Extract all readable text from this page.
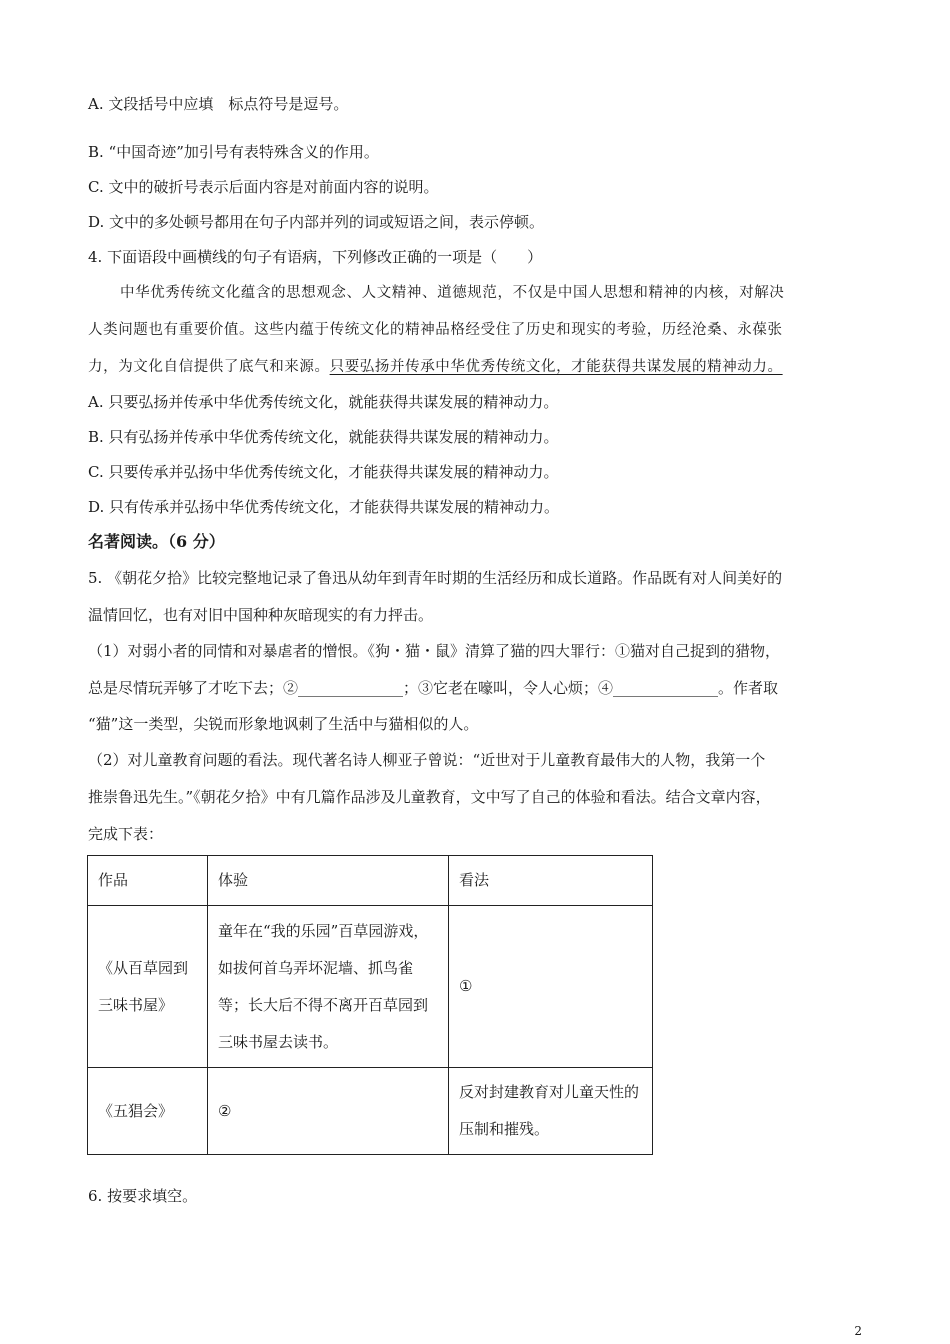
A. 文段括号中应填　标点符号是逗号。
B. “中国奇迹”加引号有表特殊含义的作用。
C. 文中的破折号表示后面内容是对前面内容的说明。
D. 文中的多处顿号都用在句子内部并列的词或短语之间，表示停顿。
4. 下面语段中画横线的句子有语病，下列修改正确的一项是（　　）
中华优秀传统文化蕴含的思想观念、人文精神、道德规范，不仅是中国人思想和精神的内核，对解决
人类问题也有重要价值。这些内蕴于传统文化的精神品格经受住了历史和现实的考验，历经沧桑、永葆张
力，为文化自信提供了底气和来源。只要弘扬并传承中华优秀传统文化，才能获得共谋发展的精神动力。
A. 只要弘扬并传承中华优秀传统文化，就能获得共谋发展的精神动力。
B. 只有弘扬并传承中华优秀传统文化，就能获得共谋发展的精神动力。
C. 只要传承并弘扬中华优秀传统文化，才能获得共谋发展的精神动力。
D. 只有传承并弘扬中华优秀传统文化，才能获得共谋发展的精神动力。
名著阅读。（6 分）
5. 《朝花夕拾》比较完整地记录了鲁迅从幼年到青年时期的生活经历和成长道路。作品既有对人间美好的
温情回忆，也有对旧中国种种灰暗现实的有力抨击。
（1）对弱小者的同情和对暴虐者的憎恨。《狗・猫・鼠》清算了猫的四大罪行：①猫对自己捉到的猎物，
总是尽情玩弄够了才吃下去；②______________；③它老在嚎叫，令人心烦；④______________。作者取
“猫”这一类型，尖锐而形象地讽刺了生活中与猫相似的人。
（2）对儿童教育问题的看法。现代著名诗人柳亚子曾说：“近世对于儿童教育最伟大的人物，我第一个
推崇鲁迅先生。”《朝花夕拾》中有几篇作品涉及儿童教育，文中写了自己的体验和看法。结合文章内容，
完成下表：
作品	体验	看法
《从百草园到三味书屋》	童年在“我的乐园”百草园游戏，如拔何首乌弄坏泥墙、抓鸟雀等；长大后不得不离开百草园到三味书屋去读书。	①
《五猖会》	②	反对封建教育对儿童天性的压制和摧残。
6. 按要求填空。
2
